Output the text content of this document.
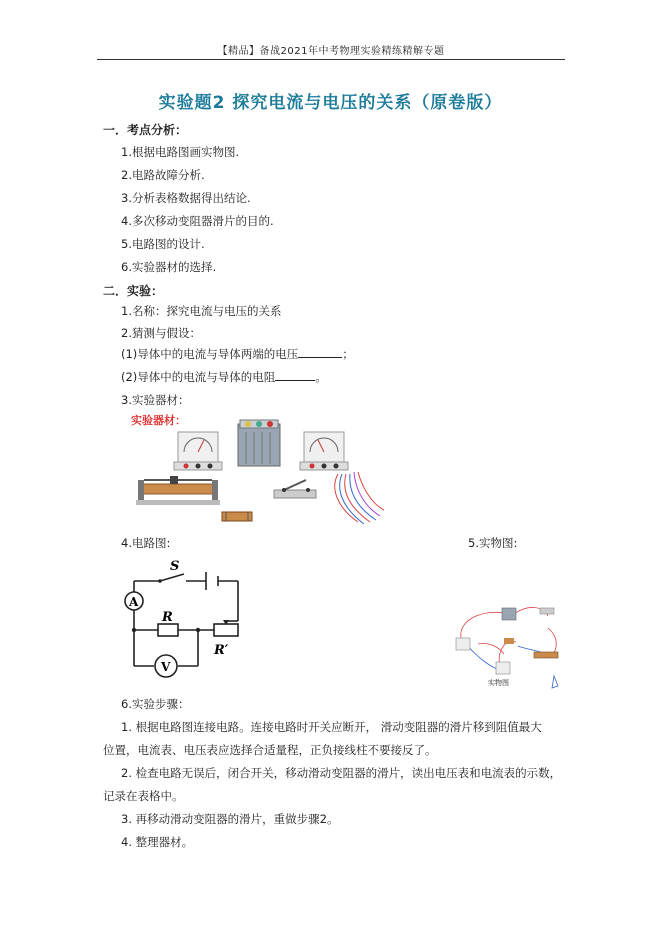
【精品】备战2021年中考物理实验精练精解专题
实验题2 探究电流与电压的关系（原卷版）
一．考点分析：
1.根据电路图画实物图.
2.电路故障分析.
3.分析表格数据得出结论.
4.多次移动变阻器滑片的目的.
5.电路图的设计.
6.实验器材的选择.
二．实验：
1.名称：探究电流与电压的关系
2.猜测与假设：
(1)导体中的电流与导体两端的电压	；
(2)导体中的电流与导体的电阻	。
3.实验器材：
实验器材：
4.电路图:	5.实物图:
S
A
V
R
R′
实物图
6.实验步骤：
1. 根据电路图连接电路。连接电路时开关应断开， 滑动变阻器的滑片移到阻值最大
位置，电流表、电压表应选择合适量程，正负接线柱不要接反了。
2. 检查电路无误后，闭合开关，移动滑动变阻器的滑片，读出电压表和电流表的示数，
记录在表格中。
3. 再移动滑动变阻器的滑片，重做步骤2。
4. 整理器材。
